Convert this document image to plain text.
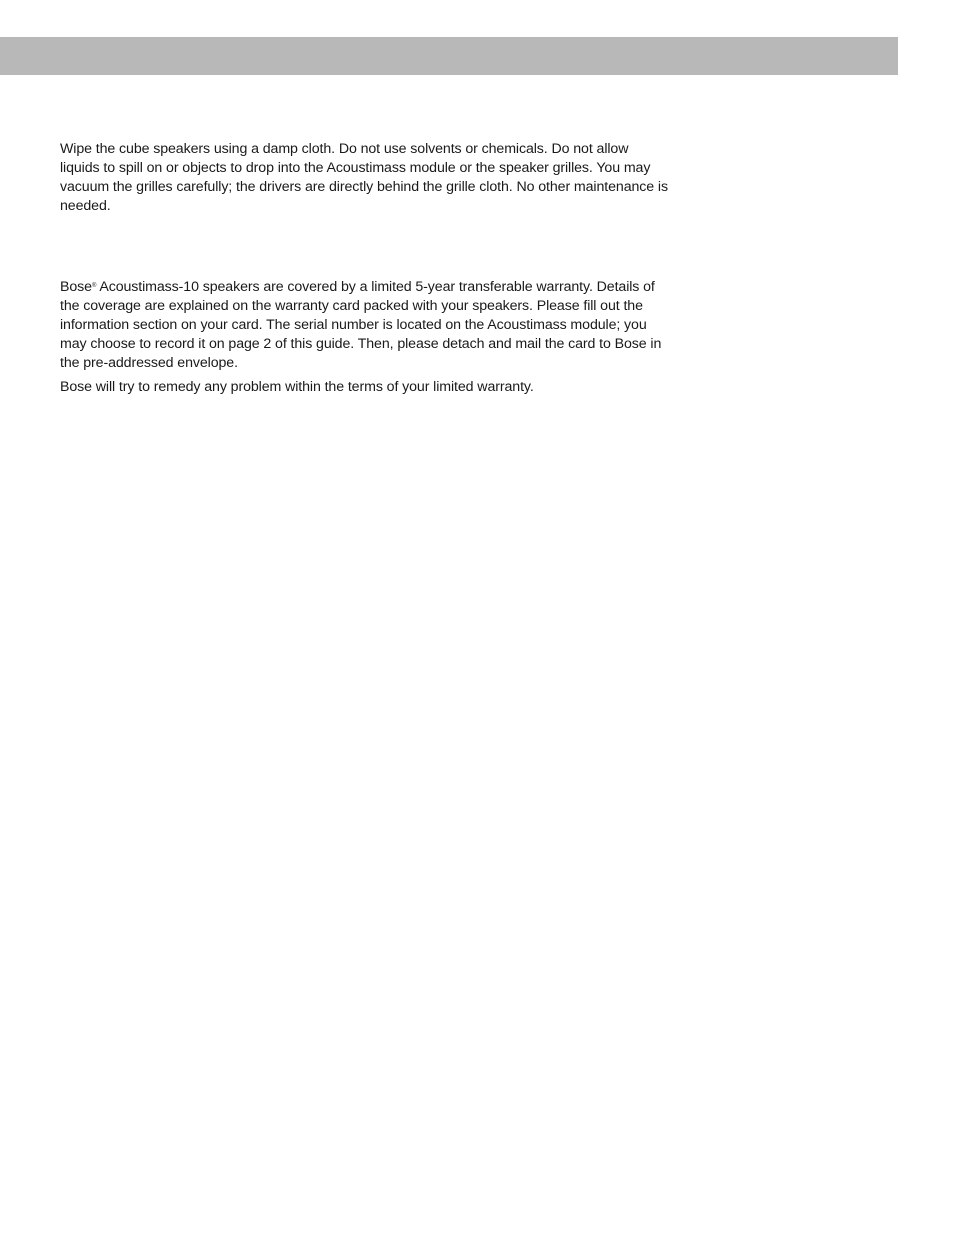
Wipe the cube speakers using a damp cloth. Do not use solvents or chemicals. Do not allow liquids to spill on or objects to drop into the Acoustimass module or the speaker grilles. You may vacuum the grilles carefully; the drivers are directly behind the grille cloth. No other maintenance is needed.

Bose® Acoustimass-10 speakers are covered by a limited 5-year transferable warranty. Details of the coverage are explained on the warranty card packed with your speakers. Please fill out the information section on your card. The serial number is located on the Acoustimass module; you may choose to record it on page 2 of this guide. Then, please detach and mail the card to Bose in the pre-addressed envelope.

Bose will try to remedy any problem within the terms of your limited warranty.
